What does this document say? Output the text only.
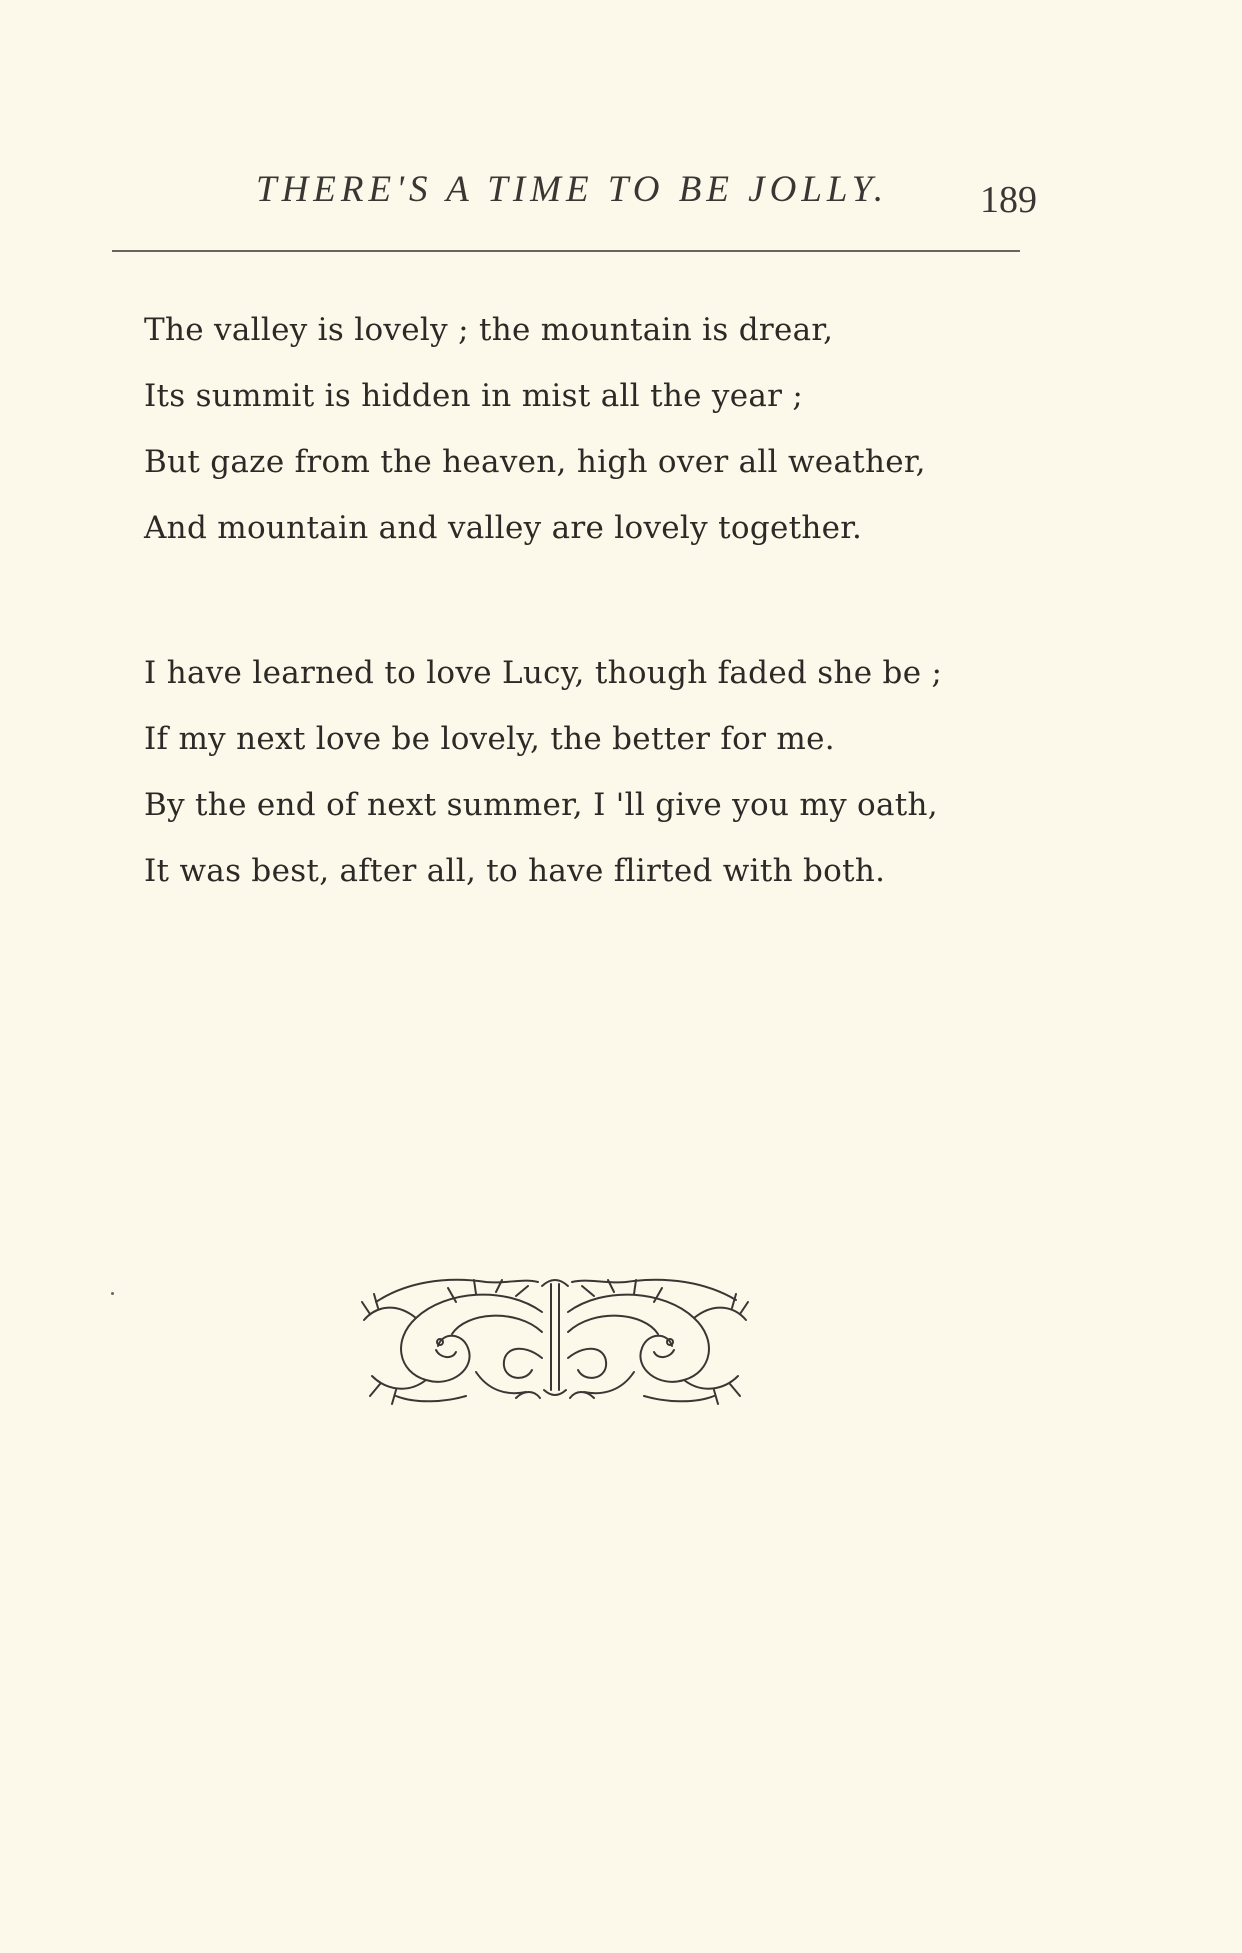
THERE'S A TIME TO BE JOLLY. 189
The valley is lovely ; the mountain is drear,
Its summit is hidden in mist all the year ;
But gaze from the heaven, high over all weather,
And mountain and valley are lovely together.
I have learned to love Lucy, though faded she be ;
If my next love be lovely, the better for me.
By the end of next summer, I 'll give you my oath,
It was best, after all, to have flirted with both.
